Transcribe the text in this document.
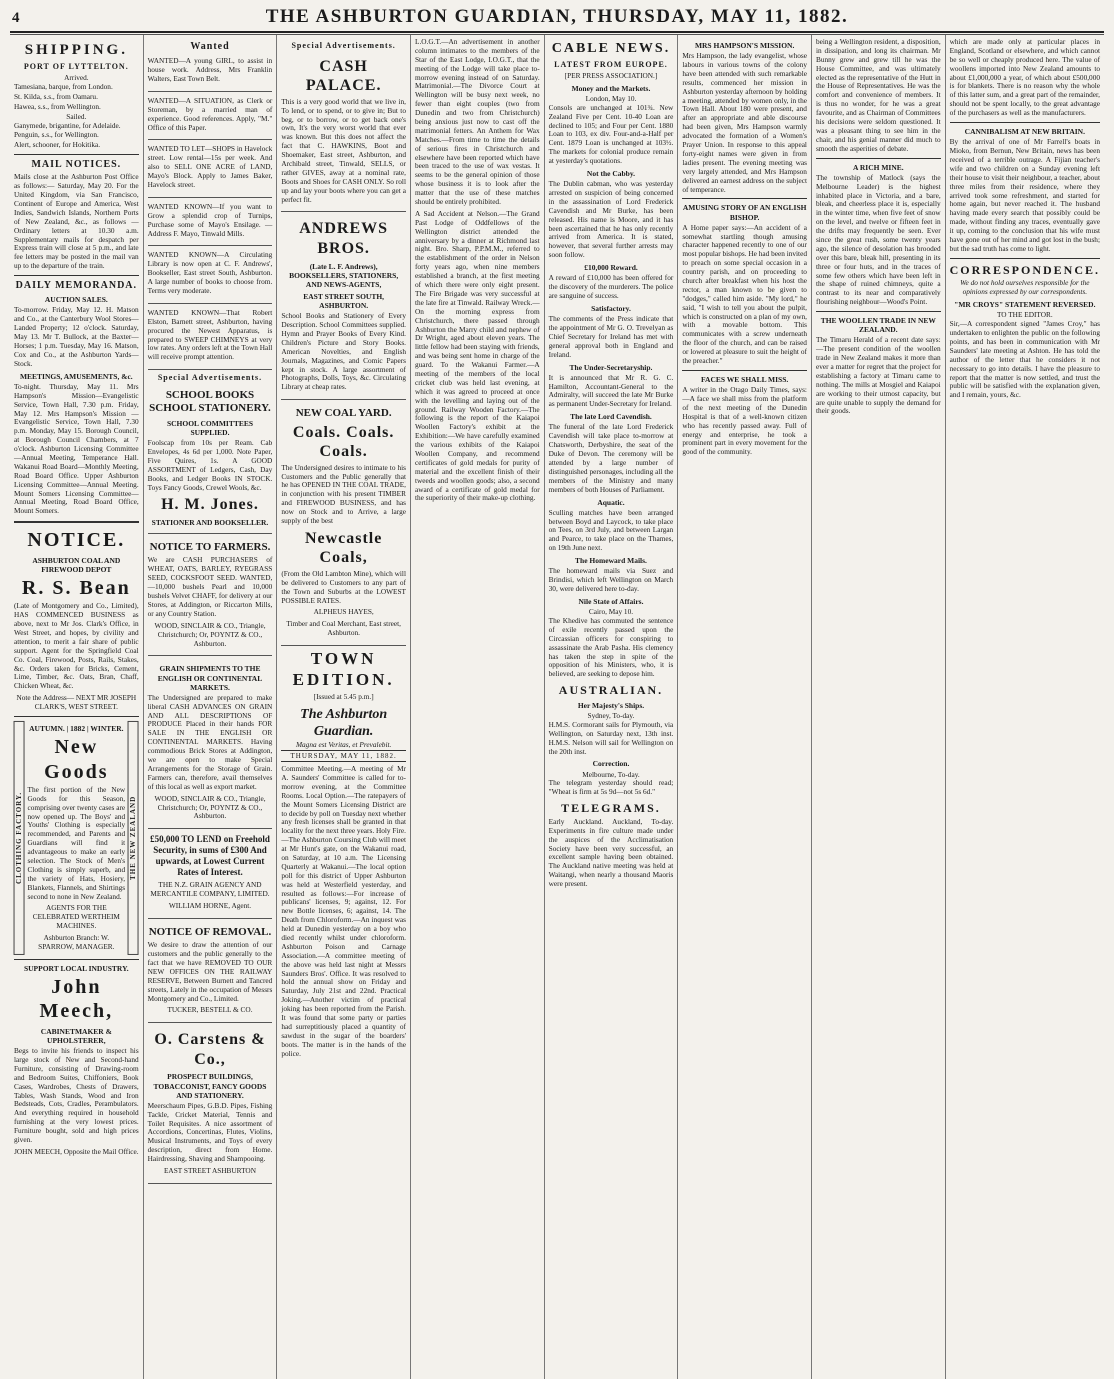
4	THE ASHBURTON GUARDIAN, THURSDAY, MAY 11, 1882.
SHIPPING.
PORT OF LYTTELTON.
Arrived.

Tamesiana, barque, from London.

St. Kilda, s.s., from Oamaru.

Hawea, s.s., from Wellington.

Sailed.

Ganymede, brigantine, for Adelaide.

Penguin, s.s., for Wellington.

Alert, schooner, for Hokitika.

MAIL NOTICES.

Mails close at the Ashburton Post Office as follows:— Saturday, May 20. For the United Kingdom, via San Francisco, Continent of Europe and America, West Indies, Sandwich Islands, Northern Ports of New Zealand, &c., as follows — Ordinary letters at 10.30 a.m. Supplementary mails for despatch per Express train will close at 5 p.m., and late fee letters may be posted in the mail van up to the departure of the train.

DAILY MEMORANDA.
AUCTION SALES.

To-morrow. Friday, May 12. H. Matson and Co., at the Canterbury Wool Stores—Landed Property; 12 o'clock. Saturday, May 13. Mr T. Bullock, at the Baxter—Horses; 1 p.m. Tuesday, May 16. Matson, Cox and Co., at the Ashburton Yards—Stock.

MEETINGS, AMUSEMENTS, &c.

To-night. Thursday, May 11. Mrs Hampson's Mission—Evangelistic Service, Town Hall, 7.30 p.m. Friday, May 12. Mrs Hampson's Mission — Evangelistic Service, Town Hall, 7.30 p.m. Monday, May 15. Borough Council, at Borough Council Chambers, at 7 o'clock. Ashburton Licensing Committee—Annual Meeting, Temperance Hall. Wakanui Road Board—Monthly Meeting, Road Board Office. Upper Ashburton Licensing Committee—Annual Meeting. Mount Somers Licensing Committee—Annual Meeting, Road Board Office, Mount Somers.

NOTICE.
ASHBURTON COAL AND FIREWOOD DEPOT
R. S. Bean

(Late of Montgomery and Co., Limited), HAS COMMENCED BUSINESS as above, next to Mr Jos. Clark's Office, in West Street, and hopes, by civility and attention, to merit a fair share of public support. Agent for the Springfield Coal Co. Coal, Firewood, Posts, Rails, Stakes, &c. Orders taken for Bricks, Cement, Lime, Timber, &c. Oats, Bran, Chaff, Chicken Wheat, &c.

Note the Address— NEXT MR JOSEPH CLARK'S, WEST STREET.

CLOTHING FACTORY.
AUTUMN. | 1882 | WINTER.
New Goods

The first portion of the New Goods for this Season, comprising over twenty cases are now opened up. The Boys' and Youths' Clothing is especially recommended, and Parents and Guardians will find it advantageous to make an early selection. The Stock of Men's Clothing is simply superb, and the variety of Hats, Hosiery, Blankets, Flannels, and Shirtings second to none in New Zealand.

AGENTS FOR THE CELEBRATED WERTHEIM MACHINES.

Ashburton Branch: W. SPARROW, MANAGER.

THE NEW ZEALAND
SUPPORT LOCAL INDUSTRY.
John Meech,
CABINETMAKER & UPHOLSTERER,

Begs to invite his friends to inspect his large stock of New and Second-hand Furniture, consisting of Drawing-room and Bedroom Suites, Chiffoniers, Book Cases, Wardrobes, Chests of Drawers, Tables, Wash Stands, Wood and Iron Bedsteads, Cots, Cradles, Perambulators. And everything required in household furnishing at the very lowest prices. Furniture bought, sold and high prices given.

JOHN MEECH, Opposite the Mail Office.

Wanted

WANTED—A young GIRL, to assist in house work. Address, Mrs Franklin Walters, East Town Belt.

WANTED—A SITUATION, as Clerk or Storeman, by a married man of experience. Good references. Apply, "M." Office of this Paper.

WANTED TO LET—SHOPS in Havelock street. Low rental—15s per week. And also to SELL ONE ACRE of LAND, Mayo's Block. Apply to James Baker, Havelock street.

WANTED KNOWN—If you want to Grow a splendid crop of Turnips, Purchase some of Mayo's Ensilage. —Address F. Mayo, Tinwald Mills.

WANTED KNOWN—A Circulating Library is now open at C. F. Andrews', Bookseller, East street South, Ashburton. A large number of books to choose from. Terms very moderate.

WANTED KNOWN—That Robert Elston, Barnett street, Ashburton, having procured the Newest Apparatus, is prepared to SWEEP CHIMNEYS at very low rates. Any orders left at the Town Hall will receive prompt attention.

Special Advertisements.
SCHOOL BOOKS SCHOOL STATIONERY.
SCHOOL COMMITTEES SUPPLIED.

Foolscap from 10s per Ream. Cab Envelopes, 4s 6d per 1,000. Note Paper, Five Quires, 1s. A GOOD ASSORTMENT of Ledgers, Cash, Day Books, and Ledger Books IN STOCK. Toys Fancy Goods, Crewel Wools, &c.

H. M. Jones.
STATIONER AND BOOKSELLER.
NOTICE TO FARMERS.

We are CASH PURCHASERS of WHEAT, OATS, BARLEY, RYEGRASS SEED, COCKSFOOT SEED. WANTED,—10,000 bushels Pearl and 10,000 bushels Velvet CHAFF, for delivery at our Stores, at Addington, or Riccarton Mills, or any Country Station.

WOOD, SINCLAIR & CO., Triangle, Christchurch; Or, POYNTZ & CO., Ashburton.

GRAIN SHIPMENTS TO THE ENGLISH OR CONTINENTAL MARKETS.

The Undersigned are prepared to make liberal CASH ADVANCES ON GRAIN AND ALL DESCRIPTIONS OF PRODUCE Placed in their hands FOR SALE IN THE ENGLISH OR CONTINENTAL MARKETS. Having commodious Brick Stores at Addington, we are open to make Special Arrangements for the Storage of Grain. Farmers can, therefore, avail themselves of this local as well as export market.

WOOD, SINCLAIR & CO., Triangle, Christchurch; Or, POYNTZ & CO., Ashburton.

£50,000 TO LEND on Freehold Security, in sums of £300 And upwards, at Lowest Current Rates of Interest.

THE N.Z. GRAIN AGENCY AND MERCANTILE COMPANY, LIMITED.

WILLIAM HORNE, Agent.

NOTICE OF REMOVAL.

We desire to draw the attention of our customers and the public generally to the fact that we have REMOVED TO OUR NEW OFFICES ON THE RAILWAY RESERVE, Between Burnett and Tancred streets, Lately in the occupation of Messrs Montgomery and Co., Limited.

TUCKER, BESTELL & CO.

O. Carstens & Co.,
PROSPECT BUILDINGS, TOBACCONIST, FANCY GOODS AND STATIONERY.

Meerschaum Pipes, G.B.D. Pipes, Fishing Tackle, Cricket Material, Tennis and Toilet Requisites. A nice assortment of Accordions, Concertinas, Flutes, Violins, Musical Instruments, and Toys of every description, direct from Home. Hairdressing, Shaving and Shampooing.

EAST STREET ASHBURTON

Special Advertisements.
CASH PALACE.

This is a very good world that we live in, To lend, or to spend, or to give in; But to beg, or to borrow, or to get back one's own, It's the very worst world that ever was known. But this does not affect the fact that C. HAWKINS, Boot and Shoemaker, East street, Ashburton, and Archibald street, Tinwald, SELLS, or rather GIVES, away at a nominal rate, Boots and Shoes for CASH ONLY. So roll up and lay your boots where you can get a perfect fit.

ANDREWS BROS.
(Late L. F. Andrews), BOOKSELLERS, STATIONERS, AND NEWS-AGENTS,
EAST STREET SOUTH, ASHBURTON.

School Books and Stationery of Every Description. School Committees supplied. Hymn and Prayer Books of Every Kind. Children's Picture and Story Books. American Novelties, and English Journals, Magazines, and Comic Papers kept in stock. A large assortment of Photographs, Dolls, Toys, &c. Circulating Library at cheap rates.

NEW COAL YARD.
Coals. Coals. Coals.

The Undersigned desires to intimate to his Customers and the Public generally that he has OPENED IN THE COAL TRADE, in conjunction with his present TIMBER and FIREWOOD BUSINESS, and has now on Stock and to Arrive, a large supply of the best

Newcastle Coals,

(From the Old Lambton Mine), which will be delivered to Customers to any part of the Town and Suburbs at the LOWEST POSSIBLE RATES.

ALPHEUS HAYES,

Timber and Coal Merchant, East street, Ashburton.

TOWN EDITION.
[Issued at 5.45 p.m.]
The Ashburton Guardian.
Magna est Veritas, et Prevalebit.
THURSDAY, MAY 11, 1882.

Committee Meeting.—A meeting of Mr A. Saunders' Committee is called for to-morrow evening, at the Committee Rooms. Local Option.—The ratepayers of the Mount Somers Licensing District are to decide by poll on Tuesday next whether any fresh licenses shall be granted in that locality for the next three years. Holy Fire.—The Ashburton Coursing Club will meet at Mr Hunt's gate, on the Wakanui road, on Saturday, at 10 a.m. The Licensing Quarterly at Wakanui.—The local option poll for this district of Upper Ashburton was held at Westerfield yesterday, and resulted as follows:—For increase of publicans' licenses, 9; against, 12. For new Bottle licenses, 6; against, 14. The Death from Chloroform.—An inquest was held at Dunedin yesterday on a boy who died recently whilst under chloroform. Ashburton Poison and Carnage Association.—A committee meeting of the above was held last night at Messrs Saunders Bros'. Office. It was resolved to hold the annual show on Friday and Saturday, July 21st and 22nd. Practical Joking.—Another victim of practical joking has been reported from the Parish. It was found that some party or parties had surreptitiously placed a quantity of sawdust in the sugar of the boarders' boots. The matter is in the hands of the police.

L.O.G.T.—An advertisement in another column intimates to the members of the Star of the East Lodge, I.O.G.T., that the meeting of the Lodge will take place to-morrow evening instead of on Saturday. Matrimonial.—The Divorce Court at Wellington will be busy next week, no fewer than eight couples (two from Dunedin and two from Christchurch) being anxious just now to cast off the matrimonial fetters. An Anthem for Wax Matches.—From time to time the details of serious fires in Christchurch and elsewhere have been reported which have been traced to the use of wax vestas. It seems to be the general opinion of those whose business it is to look after the matter that the use of these matches should be entirely prohibited.

A Sad Accident at Nelson.—The Grand Past Lodge of Oddfellows of the Wellington district attended the anniversary by a dinner at Richmond last night. Bro. Sharp, P.P.M.M., referred to the establishment of the order in Nelson forty years ago, when nine members established a branch, at the first meeting of which there were only eight present. The Fire Brigade was very successful at the late fire at Tinwald. Railway Wreck.—On the morning express from Christchurch, there passed through Ashburton the Marry child and nephew of Dr Wright, aged about eleven years. The little fellow had been staying with friends, and was being sent home in charge of the guard. To the Wakanui Farmer.—A meeting of the members of the local cricket club was held last evening, at which it was agreed to proceed at once with the levelling and laying out of the ground. Railway Wooden Factory.—The following is the report of the Kaiapoi Woollen Factory's exhibit at the Exhibition:—We have carefully examined the various exhibits of the Kaiapoi Woollen Company, and recommend certificates of gold medals for purity of material and the excellent finish of their tweeds and woollen goods; also, a second award of a certificate of gold medal for the superiority of their make-up clothing.

CABLE NEWS.
LATEST FROM EUROPE.
[PER PRESS ASSOCIATION.]
Money and the Markets.
London, May 10.

Consols are unchanged at 101¾. New Zealand Five per Cent. 10-40 Loan are declined to 105; and Four per Cent. 1880 Loan to 103, ex div. Four-and-a-Half per Cent. 1879 Loan is unchanged at 103½. The markets for colonial produce remain at yesterday's quotations.

Not the Cabby.

The Dublin cabman, who was yesterday arrested on suspicion of being concerned in the assassination of Lord Frederick Cavendish and Mr Burke, has been released. His name is Moore, and it has been ascertained that he has only recently arrived from America. It is stated, however, that several further arrests may soon follow.

£10,000 Reward.

A reward of £10,000 has been offered for the discovery of the murderers. The police are sanguine of success.

Satisfactory.

The comments of the Press indicate that the appointment of Mr G. O. Trevelyan as Chief Secretary for Ireland has met with general approval both in England and Ireland.

The Under-Secretaryship.

It is announced that Mr R. G. C. Hamilton, Accountant-General to the Admiralty, will succeed the late Mr Burke as permanent Under-Secretary for Ireland.

The late Lord Cavendish.

The funeral of the late Lord Frederick Cavendish will take place to-morrow at Chatsworth, Derbyshire, the seat of the Duke of Devon. The ceremony will be attended by a large number of distinguished personages, including all the members of the Ministry and many members of both Houses of Parliament.

Aquatic.

Sculling matches have been arranged between Boyd and Laycock, to take place on Tees, on 3rd July, and between Largan and Pearce, to take place on the Thames, on 19th June next.

The Homeward Mails.

The homeward mails via Suez and Brindisi, which left Wellington on March 30, were delivered here to-day.

Nile State of Affairs.
Cairo, May 10.

The Khedive has commuted the sentence of exile recently passed upon the Circassian officers for conspiring to assassinate the Arab Pasha. His clemency has taken the step in spite of the opposition of his Ministers, who, it is believed, are seeking to depose him.

AUSTRALIAN.
Her Majesty's Ships.
Sydney, To-day.

H.M.S. Cormorant sails for Plymouth, via Wellington, on Saturday next, 13th inst. H.M.S. Nelson will sail for Wellington on the 20th inst.

Correction.
Melbourne, To-day.

The telegram yesterday should read; "Wheat is firm at 5s 9d—not 5s 6d."

TELEGRAMS.

Early Auckland. Auckland, To-day. Experiments in fire culture made under the auspices of the Acclimatisation Society have been very successful, an excellent sample having been obtained. The Auckland native meeting was held at Waitangi, when nearly a thousand Maoris were present.

MRS HAMPSON'S MISSION.

Mrs Hampson, the lady evangelist, whose labours in various towns of the colony have been attended with such remarkable results, commenced her mission in Ashburton yesterday afternoon by holding a meeting, attended by women only, in the Town Hall. About 180 were present, and after an appropriate and able discourse had been given, Mrs Hampson warmly advocated the formation of a Women's Prayer Union. In response to this appeal forty-eight names were given in from ladies present. The evening meeting was very largely attended, and Mrs Hampson delivered an earnest address on the subject of temperance.

AMUSING STORY OF AN ENGLISH BISHOP.

A Home paper says:—An accident of a somewhat startling though amusing character happened recently to one of our most popular bishops. He had been invited to preach on some special occasion in a country parish, and on proceeding to church after breakfast when his host the rector, a man known to be given to "dodges," called him aside. "My lord," he said, "I wish to tell you about the pulpit, which is constructed on a plan of my own, with a movable bottom. This communicates with a screw underneath the floor of the church, and can be raised or lowered at pleasure to suit the height of the preacher."

FACES WE SHALL MISS.

A writer in the Otago Daily Times, says:—A face we shall miss from the platform of the next meeting of the Dunedin Hospital is that of a well-known citizen who has recently passed away. Full of energy and enterprise, he took a prominent part in every movement for the good of the community.

being a Wellington resident, a disposition, in dissipation, and long its chairman. Mr Bunny grew and grew till he was the House Committee, and was ultimately elected as the representative of the Hutt in the House of Representatives. He was the comfort and convenience of members. It is thus no wonder, for he was a great favourite, and as Chairman of Committees his decisions were seldom questioned. It was a pleasant thing to see him in the chair, and his genial manner did much to smooth the asperities of debate.

A RICH MINE.

The township of Matlock (says the Melbourne Leader) is the highest inhabited place in Victoria, and a bare, bleak, and cheerless place it is, especially in the winter time, when five feet of snow on the level, and twelve or fifteen feet in the drifts may frequently be seen. Ever since the great rush, some twenty years ago, the silence of desolation has brooded over this bare, bleak hill, presenting in its three or four huts, and in the traces of some few others which have been left in the shape of ruined chimneys, quite a contrast to its near and comparatively flourishing neighbour—Wood's Point.

THE WOOLLEN TRADE IN NEW ZEALAND.

The Timaru Herald of a recent date says:—The present condition of the woollen trade in New Zealand makes it more than ever a matter for regret that the project for establishing a factory at Timaru came to nothing. The mills at Mosgiel and Kaiapoi are working to their utmost capacity, but are quite unable to supply the demand for their goods.

which are made only at particular places in England, Scotland or elsewhere, and which cannot be so well or cheaply produced here. The value of woollens imported into New Zealand amounts to about £1,000,000 a year, of which about £500,000 is for blankets. There is no reason why the whole of this latter sum, and a great part of the remainder, should not be spent locally, to the great advantage of the purchasers as well as the manufacturers.

CANNIBALISM AT NEW BRITAIN.

By the arrival of one of Mr Farrell's boats in Mioko, from Bernun, New Britain, news has been received of a terrible outrage. A Fijian teacher's wife and two children on a Sunday evening left their house to visit their neighbour, a teacher, about three miles from their residence, where they arrived took some refreshment, and started for home again, but never reached it. The husband having made every search that possibly could be made, without finding any traces, eventually gave it up, coming to the conclusion that his wife must have gone out of her mind and got lost in the bush; but the sad truth has come to light.

CORRESPONDENCE.

We do not hold ourselves responsible for the opinions expressed by our correspondents.

"MR CROYS" STATEMENT REVERSED.
TO THE EDITOR.

Sir,—A correspondent signed "James Croy," has undertaken to enlighten the public on the following points, and has been in communication with Mr Saunders' late meeting at Ashton. He has told the author of the letter that he considers it not necessary to go into details. I have the pleasure to report that the matter is now settled, and trust the public will be satisfied with the explanation given, and I remain, yours, &c.
